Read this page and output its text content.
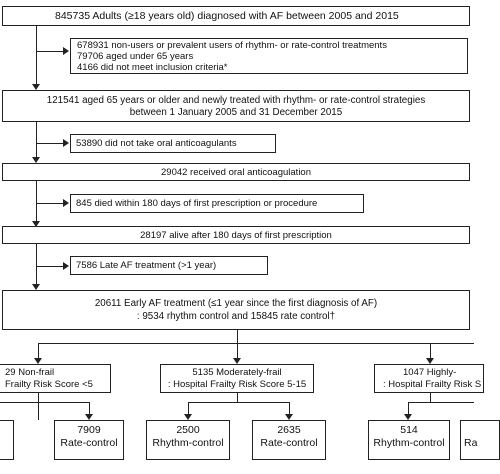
845735 Adults (≥18 years old) diagnosed with AF between 2005 and 2015
678931 non-users or prevalent users of rhythm- or rate-control treatments
79706 aged under 65 years
4166 did not meet inclusion criteria*
121541 aged 65 years or older and newly treated with rhythm- or rate-control strategies
between 1 January 2005 and 31 December 2015
53890 did not take oral anticoagulants
29042 received oral anticoagulation
845 died within 180 days of first prescription or procedure
28197 alive after 180 days of first prescription
7586 Late AF treatment (>1 year)
20611 Early AF treatment (≤1 year since the first diagnosis of AF)
: 9534 rhythm control and 15845 rate control†
29 Non-frail
Frailty Risk Score <5
5135 Moderately-frail
: Hospital Frailty Risk Score 5-15
1047 Highly-
: Hospital Frailty Risk S
7909
Rate-control
2500
Rhythm-control
2635
Rate-control
514
Rhythm-control	Ra
